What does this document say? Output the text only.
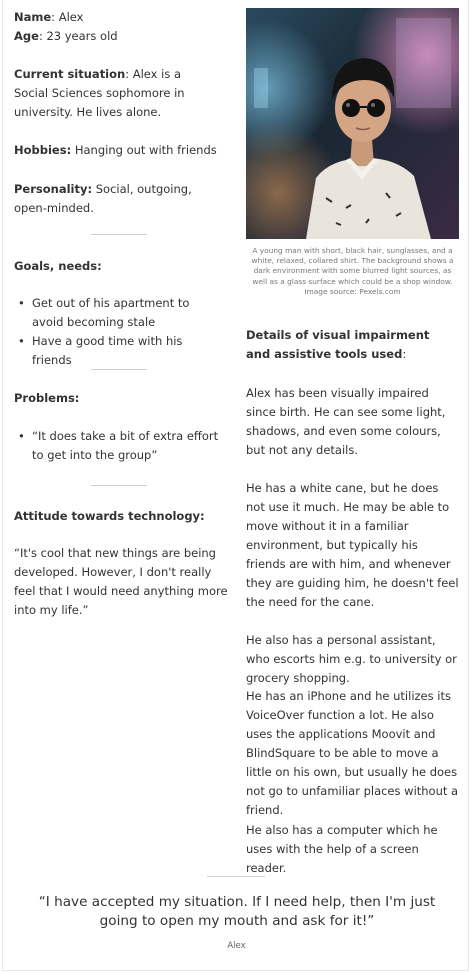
Name: Alex

Age: 23 years old

Current situation: Alex is a Social Sciences sophomore in university. He lives alone.

Hobbies: Hanging out with friends

Personality: Social, outgoing, open-minded.

Goals, needs:

• Get out of his apartment to avoid becoming stale
• Have a good time with his friends

Problems:

• “It does take a bit of extra effort to get into the group”

Attitude towards technology:

“It's cool that new things are being developed. However, I don't really feel that I would need anything more into my life.”

A young man with short, black hair, sunglasses, and a white, relaxed, collared shirt. The background shows a dark environment with some blurred light sources, as well as a glass surface which could be a shop window. Image source: Pexels.com

Details of visual impairment and assistive tools used:

Alex has been visually impaired since birth. He can see some light, shadows, and even some colours, but not any details.

He has a white cane, but he does not use it much. He may be able to move without it in a familiar environment, but typically his friends are with him, and whenever they are guiding him, he doesn't feel the need for the cane.

He also has a personal assistant, who escorts him e.g. to university or grocery shopping.

He has an iPhone and he utilizes its VoiceOver function a lot. He also uses the applications Moovit and BlindSquare to be able to move a little on his own, but usually he does not go to unfamiliar places without a friend.

He also has a computer which he uses with the help of a screen reader.

“I have accepted my situation. If I need help, then I'm just going to open my mouth and ask for it!”

Alex
